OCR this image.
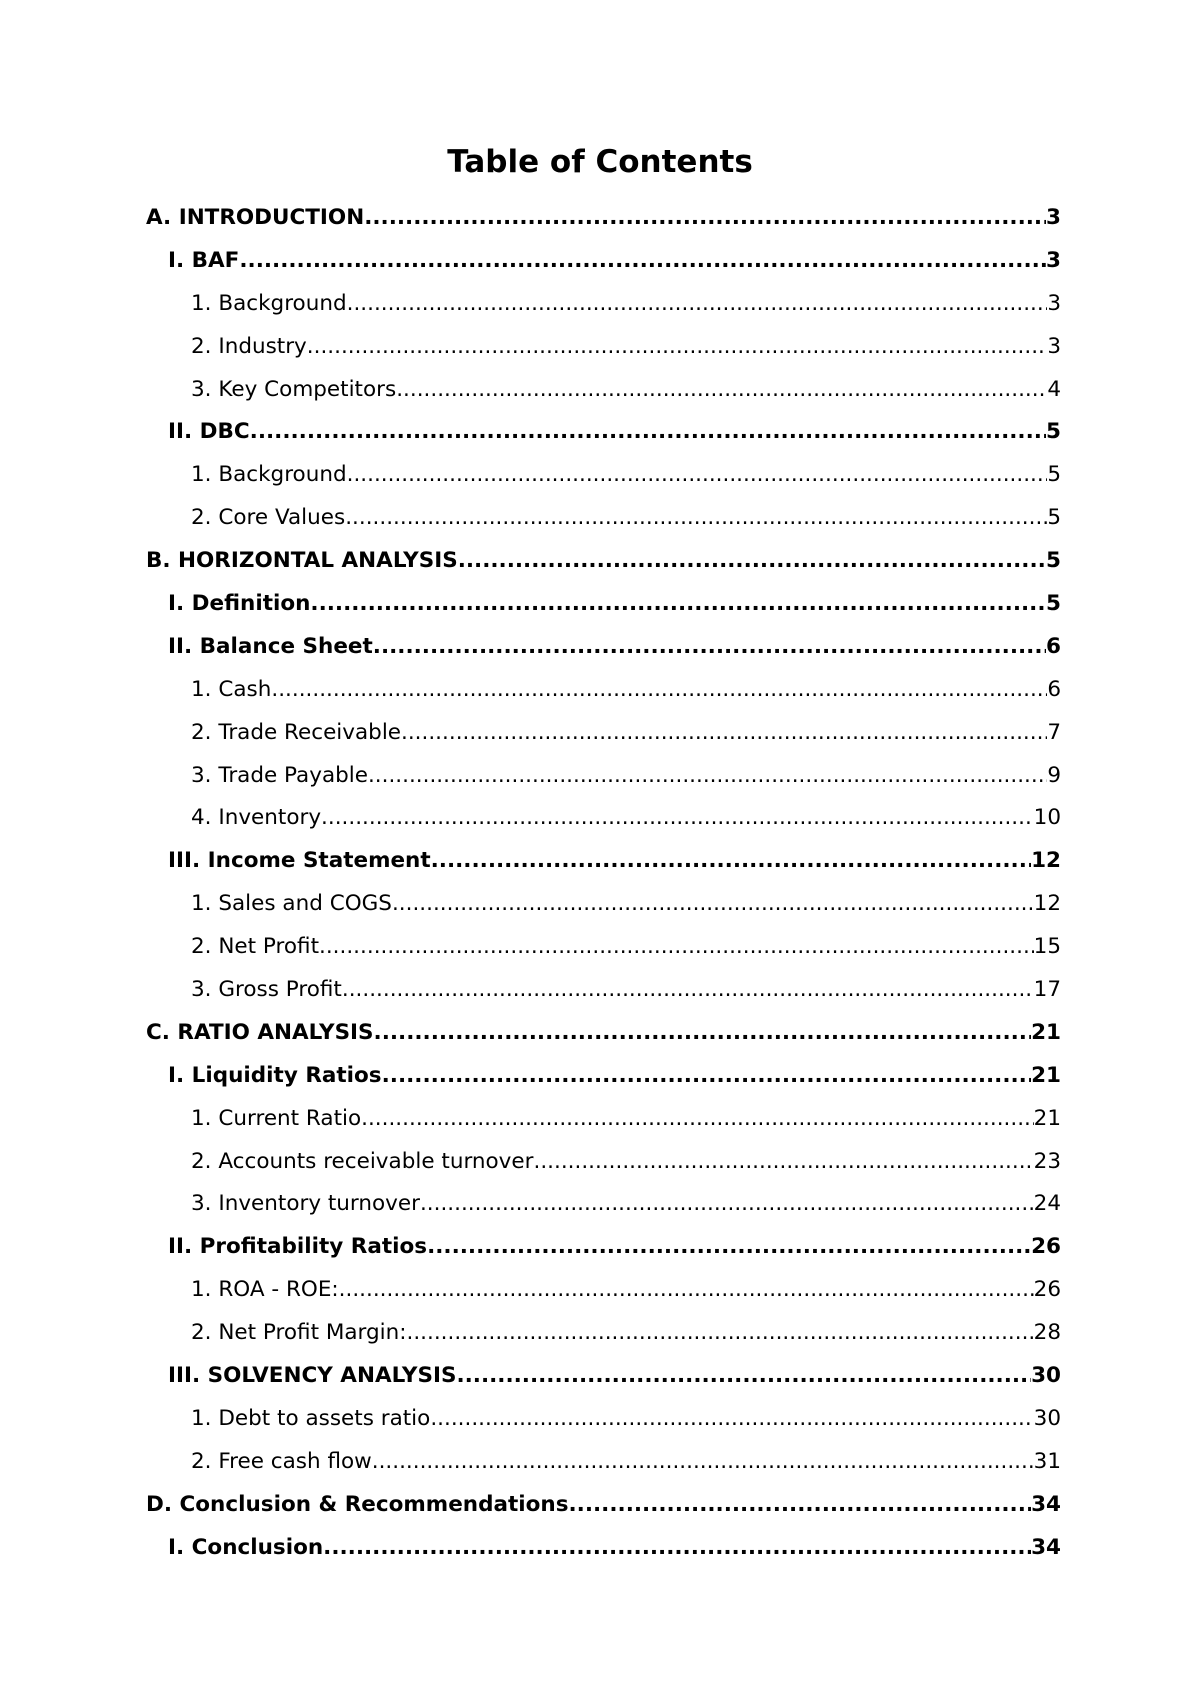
Table of Contents
A. INTRODUCTION .....	3
I. BAF .....	3
1. Background .....	3
2. Industry .....	3
3. Key Competitors .....	4
II. DBC .....	5
1. Background .....	5
2. Core Values .....	5
B. HORIZONTAL ANALYSIS .....	5
I. Definition .....	5
II. Balance Sheet .....	6
1. Cash .....	6
2. Trade Receivable .....	7
3. Trade Payable .....	9
4. Inventory .....	10
III. Income Statement .....	12
1. Sales and COGS .....	12
2. Net Profit .....	15
3. Gross Profit .....	17
C. RATIO ANALYSIS .....	21
I. Liquidity Ratios .....	21
1. Current Ratio .....	21
2. Accounts receivable turnover .....	23
3. Inventory turnover .....	24
II. Profitability Ratios .....	26
1. ROA - ROE: .....	26
2. Net Profit Margin: .....	28
III. SOLVENCY ANALYSIS .....	30
1. Debt to assets ratio .....	30
2. Free cash flow .....	31
D. Conclusion & Recommendations .....	34
I. Conclusion .....	34
